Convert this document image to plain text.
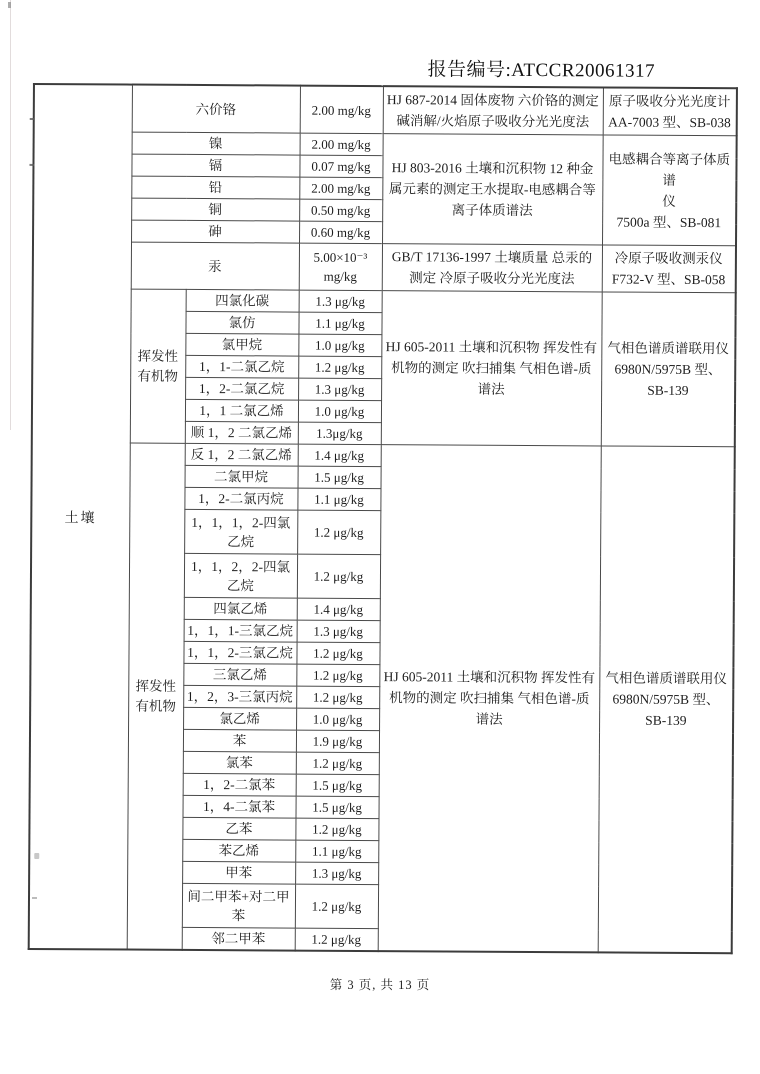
报告编号:ATCCR20061317
土壤	六价铬		2.00 mg/kg	HJ 687-2014 固体废物 六价铬的测定 碱消解/火焰原子吸收分光光度法	原子吸收分光光度计
AA-7003 型、SB-038
	镍		2.00 mg/kg	HJ 803-2016 土壤和沉积物 12 种金属元素的测定王水提取-电感耦合等离子体质谱法	电感耦合等离子体质谱
仪
7500a 型、SB-081
	镉		0.07 mg/kg		
	铅		2.00 mg/kg		
	铜		0.50 mg/kg		
	砷		0.60 mg/kg		
	汞		5.00×10⁻³
mg/kg	GB/T 17136-1997 土壤质量 总汞的测定 冷原子吸收分光光度法	冷原子吸收测汞仪
F732-V 型、SB-058
	挥发性有机物	四氯化碳	1.3 μg/kg	HJ 605-2011 土壤和沉积物 挥发性有机物的测定 吹扫捕集 气相色谱-质谱法	气相色谱质谱联用仪
6980N/5975B 型、
SB-139
		氯仿	1.1 μg/kg		
		氯甲烷	1.0 μg/kg		
		1，1-二氯乙烷	1.2 μg/kg		
		1，2-二氯乙烷	1.3 μg/kg		
		1，1 二氯乙烯	1.0 μg/kg		
		顺 1，2 二氯乙烯	1.3μg/kg		
	挥发性有机物	反 1，2 二氯乙烯	1.4 μg/kg	HJ 605-2011 土壤和沉积物 挥发性有机物的测定 吹扫捕集 气相色谱-质谱法	气相色谱质谱联用仪
6980N/5975B 型、
SB-139
		二氯甲烷	1.5 μg/kg		
		1，2-二氯丙烷	1.1 μg/kg		
		1，1，1，2-四氯乙烷	1.2 μg/kg		
		1，1，2，2-四氯乙烷	1.2 μg/kg		
		四氯乙烯	1.4 μg/kg		
		1，1，1-三氯乙烷	1.3 μg/kg		
		1，1，2-三氯乙烷	1.2 μg/kg		
		三氯乙烯	1.2 μg/kg		
		1，2，3-三氯丙烷	1.2 μg/kg		
		氯乙烯	1.0 μg/kg		
		苯	1.9 μg/kg		
		氯苯	1.2 μg/kg		
		1，2-二氯苯	1.5 μg/kg		
		1，4-二氯苯	1.5 μg/kg		
		乙苯	1.2 μg/kg		
		苯乙烯	1.1 μg/kg		
		甲苯	1.3 μg/kg		
		间二甲苯+对二甲苯	1.2 μg/kg		
		邻二甲苯	1.2 μg/kg		
第 3 页, 共 13 页
